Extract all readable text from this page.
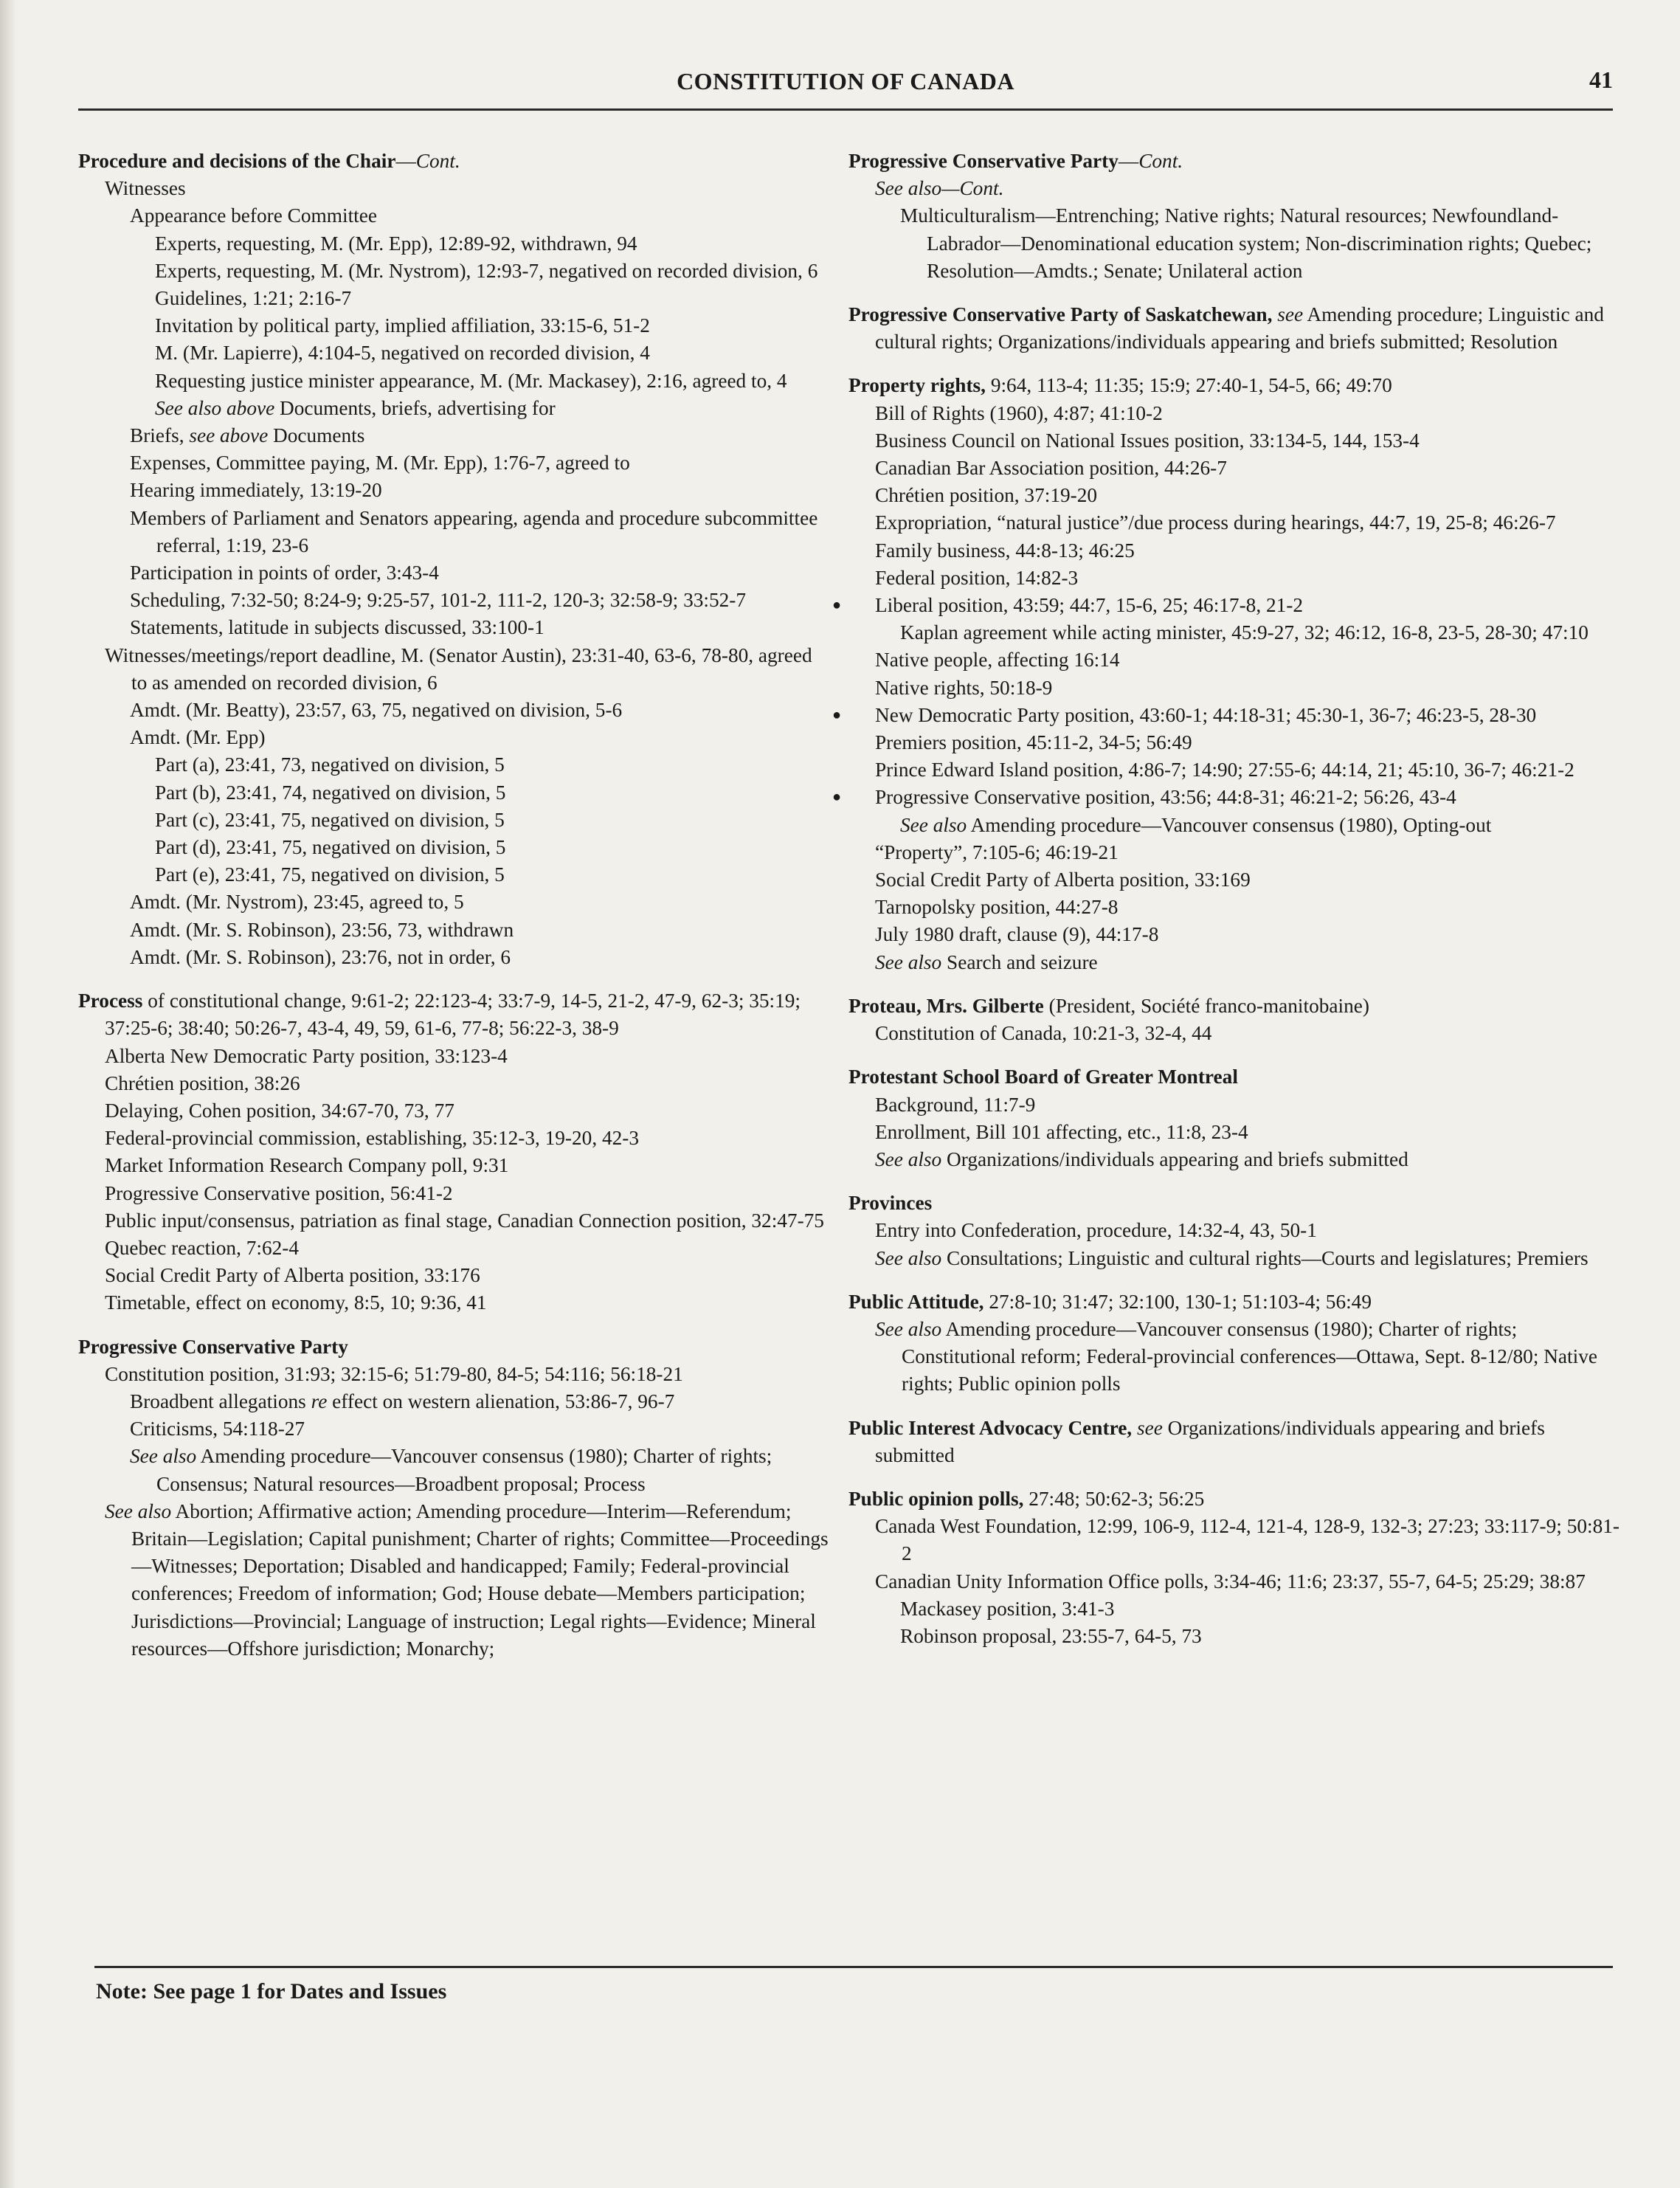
CONSTITUTION OF CANADA	41
Procedure and decisions of the Chair—Cont.
Witnesses
Appearance before Committee
Experts, requesting, M. (Mr. Epp), 12:89-92, withdrawn, 94
Experts, requesting, M. (Mr. Nystrom), 12:93-7, negatived on recorded division, 6
Guidelines, 1:21; 2:16-7
Invitation by political party, implied affiliation, 33:15-6, 51-2
M. (Mr. Lapierre), 4:104-5, negatived on recorded division, 4
Requesting justice minister appearance, M. (Mr. Mackasey), 2:16, agreed to, 4
See also above Documents, briefs, advertising for
Briefs, see above Documents
Expenses, Committee paying, M. (Mr. Epp), 1:76-7, agreed to
Hearing immediately, 13:19-20
Members of Parliament and Senators appearing, agenda and procedure subcommittee referral, 1:19, 23-6
Participation in points of order, 3:43-4
Scheduling, 7:32-50; 8:24-9; 9:25-57, 101-2, 111-2, 120-3; 32:58-9; 33:52-7
Statements, latitude in subjects discussed, 33:100-1
Witnesses/meetings/report deadline, M. (Senator Austin), 23:31-40, 63-6, 78-80, agreed to as amended on recorded division, 6
Amdt. (Mr. Beatty), 23:57, 63, 75, negatived on division, 5-6
Amdt. (Mr. Epp)
Part (a), 23:41, 73, negatived on division, 5
Part (b), 23:41, 74, negatived on division, 5
Part (c), 23:41, 75, negatived on division, 5
Part (d), 23:41, 75, negatived on division, 5
Part (e), 23:41, 75, negatived on division, 5
Amdt. (Mr. Nystrom), 23:45, agreed to, 5
Amdt. (Mr. S. Robinson), 23:56, 73, withdrawn
Amdt. (Mr. S. Robinson), 23:76, not in order, 6
Process of constitutional change, 9:61-2; 22:123-4; 33:7-9, 14-5, 21-2, 47-9, 62-3; 35:19; 37:25-6; 38:40; 50:26-7, 43-4, 49, 59, 61-6, 77-8; 56:22-3, 38-9
Alberta New Democratic Party position, 33:123-4
Chrétien position, 38:26
Delaying, Cohen position, 34:67-70, 73, 77
Federal-provincial commission, establishing, 35:12-3, 19-20, 42-3
Market Information Research Company poll, 9:31
Progressive Conservative position, 56:41-2
Public input/consensus, patriation as final stage, Canadian Connection position, 32:47-75
Quebec reaction, 7:62-4
Social Credit Party of Alberta position, 33:176
Timetable, effect on economy, 8:5, 10; 9:36, 41
Progressive Conservative Party
Constitution position, 31:93; 32:15-6; 51:79-80, 84-5; 54:116; 56:18-21
Broadbent allegations re effect on western alienation, 53:86-7, 96-7
Criticisms, 54:118-27
See also Amending procedure—Vancouver consensus (1980); Charter of rights; Consensus; Natural resources—Broadbent proposal; Process
See also Abortion; Affirmative action; Amending procedure—Interim—Referendum; Britain—Legislation; Capital punishment; Charter of rights; Committee—Proceedings—Witnesses; Deportation; Disabled and handicapped; Family; Federal-provincial conferences; Freedom of information; God; House debate—Members participation; Jurisdictions—Provincial; Language of instruction; Legal rights—Evidence; Mineral resources—Offshore jurisdiction; Monarchy;
Progressive Conservative Party—Cont.
See also—Cont.
Multiculturalism—Entrenching; Native rights; Natural resources; Newfoundland-Labrador—Denominational education system; Non-discrimination rights; Quebec; Resolution—Amdts.; Senate; Unilateral action
Progressive Conservative Party of Saskatchewan, see Amending procedure; Linguistic and cultural rights; Organizations/individuals appearing and briefs submitted; Resolution
Property rights, 9:64, 113-4; 11:35; 15:9; 27:40-1, 54-5, 66; 49:70
Bill of Rights (1960), 4:87; 41:10-2
Business Council on National Issues position, 33:134-5, 144, 153-4
Canadian Bar Association position, 44:26-7
Chrétien position, 37:19-20
Expropriation, “natural justice”/due process during hearings, 44:7, 19, 25-8; 46:26-7
Family business, 44:8-13; 46:25
Federal position, 14:82-3
●	Liberal position, 43:59; 44:7, 15-6, 25; 46:17-8, 21-2
Kaplan agreement while acting minister, 45:9-27, 32; 46:12, 16-8, 23-5, 28-30; 47:10
Native people, affecting 16:14
Native rights, 50:18-9
●	New Democratic Party position, 43:60-1; 44:18-31; 45:30-1, 36-7; 46:23-5, 28-30
Premiers position, 45:11-2, 34-5; 56:49
Prince Edward Island position, 4:86-7; 14:90; 27:55-6; 44:14, 21; 45:10, 36-7; 46:21-2
●	Progressive Conservative position, 43:56; 44:8-31; 46:21-2; 56:26, 43-4
See also Amending procedure—Vancouver consensus (1980), Opting-out
“Property”, 7:105-6; 46:19-21
Social Credit Party of Alberta position, 33:169
Tarnopolsky position, 44:27-8
July 1980 draft, clause (9), 44:17-8
See also Search and seizure
Proteau, Mrs. Gilberte (President, Société franco-manitobaine)
Constitution of Canada, 10:21-3, 32-4, 44
Protestant School Board of Greater Montreal
Background, 11:7-9
Enrollment, Bill 101 affecting, etc., 11:8, 23-4
See also Organizations/individuals appearing and briefs submitted
Provinces
Entry into Confederation, procedure, 14:32-4, 43, 50-1
See also Consultations; Linguistic and cultural rights—Courts and legislatures; Premiers
Public Attitude, 27:8-10; 31:47; 32:100, 130-1; 51:103-4; 56:49
See also Amending procedure—Vancouver consensus (1980); Charter of rights; Constitutional reform; Federal-provincial conferences—Ottawa, Sept. 8-12/80; Native rights; Public opinion polls
Public Interest Advocacy Centre, see Organizations/individuals appearing and briefs submitted
Public opinion polls, 27:48; 50:62-3; 56:25
Canada West Foundation, 12:99, 106-9, 112-4, 121-4, 128-9, 132-3; 27:23; 33:117-9; 50:81-2
Canadian Unity Information Office polls, 3:34-46; 11:6; 23:37, 55-7, 64-5; 25:29; 38:87
Mackasey position, 3:41-3
Robinson proposal, 23:55-7, 64-5, 73
Note: See page 1 for Dates and Issues
